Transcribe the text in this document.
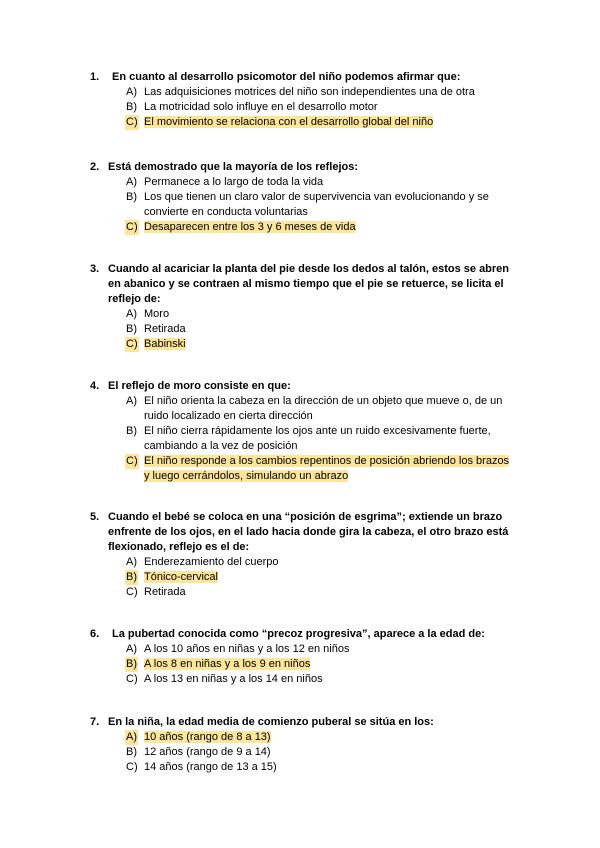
1. En cuanto al desarrollo psicomotor del niño podemos afirmar que:
A) Las adquisiciones motrices del niño son independientes una de otra
B) La motricidad solo influye en el desarrollo motor
C) El movimiento se relaciona con el desarrollo global del niño
2. Está demostrado que la mayoría de los reflejos:
A) Permanece a lo largo de toda la vida
B) Los que tienen un claro valor de supervivencia van evolucionando y se convierte en conducta voluntarias
C) Desaparecen entre los 3 y 6 meses de vida
3. Cuando al acariciar la planta del pie desde los dedos al talón, estos se abren en abanico y se contraen al mismo tiempo que el pie se retuerce, se licita el reflejo de:
A) Moro
B) Retirada
C) Babinski
4. El reflejo de moro consiste en que:
A) El niño orienta la cabeza en la dirección de un objeto que mueve o, de un ruido localizado en cierta dirección
B) El niño cierra rápidamente los ojos ante un ruido excesivamente fuerte, cambiando a la vez de posición
C) El niño responde a los cambios repentinos de posición abriendo los brazos y luego cerrándolos, simulando un abrazo
5. Cuando el bebé se coloca en una “posición de esgrima”; extiende un brazo enfrente de los ojos, en el lado hacia donde gira la cabeza, el otro brazo está flexionado, reflejo es el de:
A) Enderezamiento del cuerpo
B) Tónico-cervical
C) Retirada
6. La pubertad conocida como “precoz progresiva”, aparece a la edad de:
A) A los 10 años en niñas y a los 12 en niños
B) A los 8 en niñas y a los 9 en niños
C) A los 13 en niñas y a los 14 en niños
7. En la niña, la edad media de comienzo puberal se sitúa en los:
A) 10 años (rango de 8 a 13)
B) 12 años (rango de 9 a 14)
C) 14 años (rango de 13 a 15)
